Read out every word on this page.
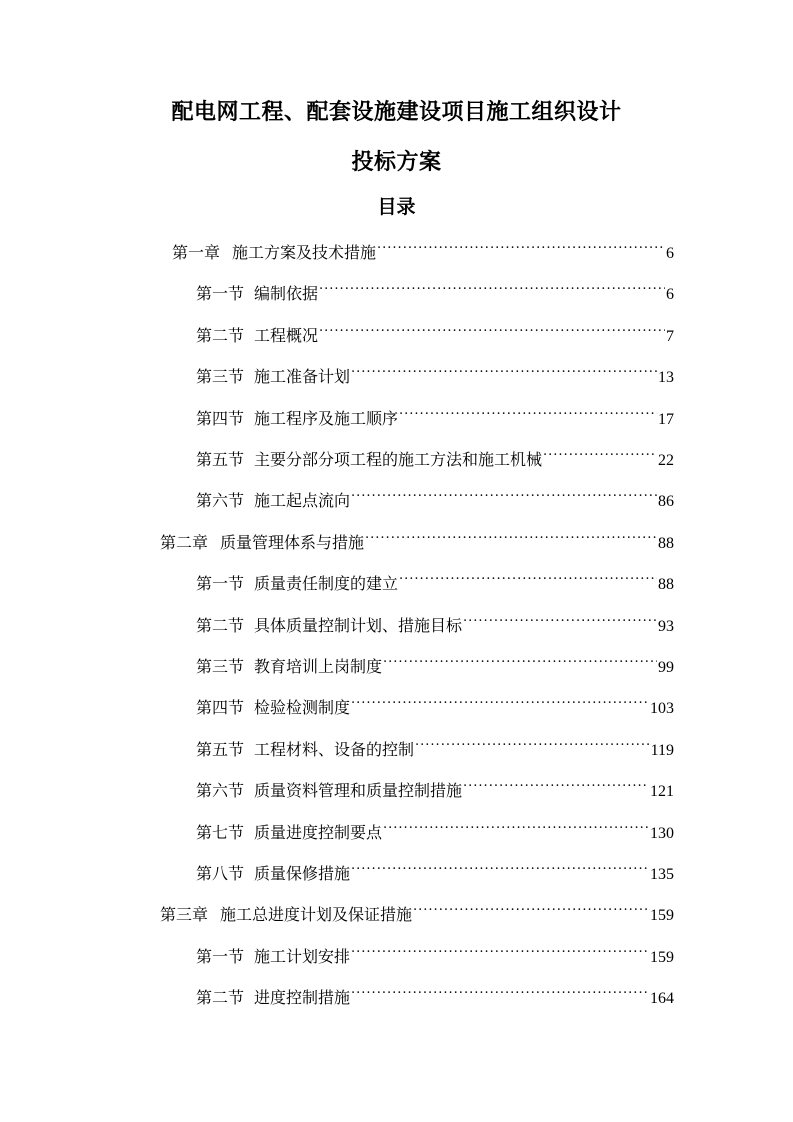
配电网工程、配套设施建设项目施工组织设计
投标方案
目录
第一章 施工方案及技术措施 .....	6
第一节 编制依据 .....	6
第二节 工程概况 .....	7
第三节 施工准备计划 .....	13
第四节 施工程序及施工顺序 .....	17
第五节 主要分部分项工程的施工方法和施工机械 .....	22
第六节 施工起点流向 .....	86
第二章 质量管理体系与措施 .....	88
第一节 质量责任制度的建立 .....	88
第二节 具体质量控制计划、措施目标 .....	93
第三节 教育培训上岗制度 .....	99
第四节 检验检测制度 .....	103
第五节 工程材料、设备的控制 .....	119
第六节 质量资料管理和质量控制措施 .....	121
第七节 质量进度控制要点 .....	130
第八节 质量保修措施 .....	135
第三章 施工总进度计划及保证措施 .....	159
第一节 施工计划安排 .....	159
第二节 进度控制措施 .....	164
